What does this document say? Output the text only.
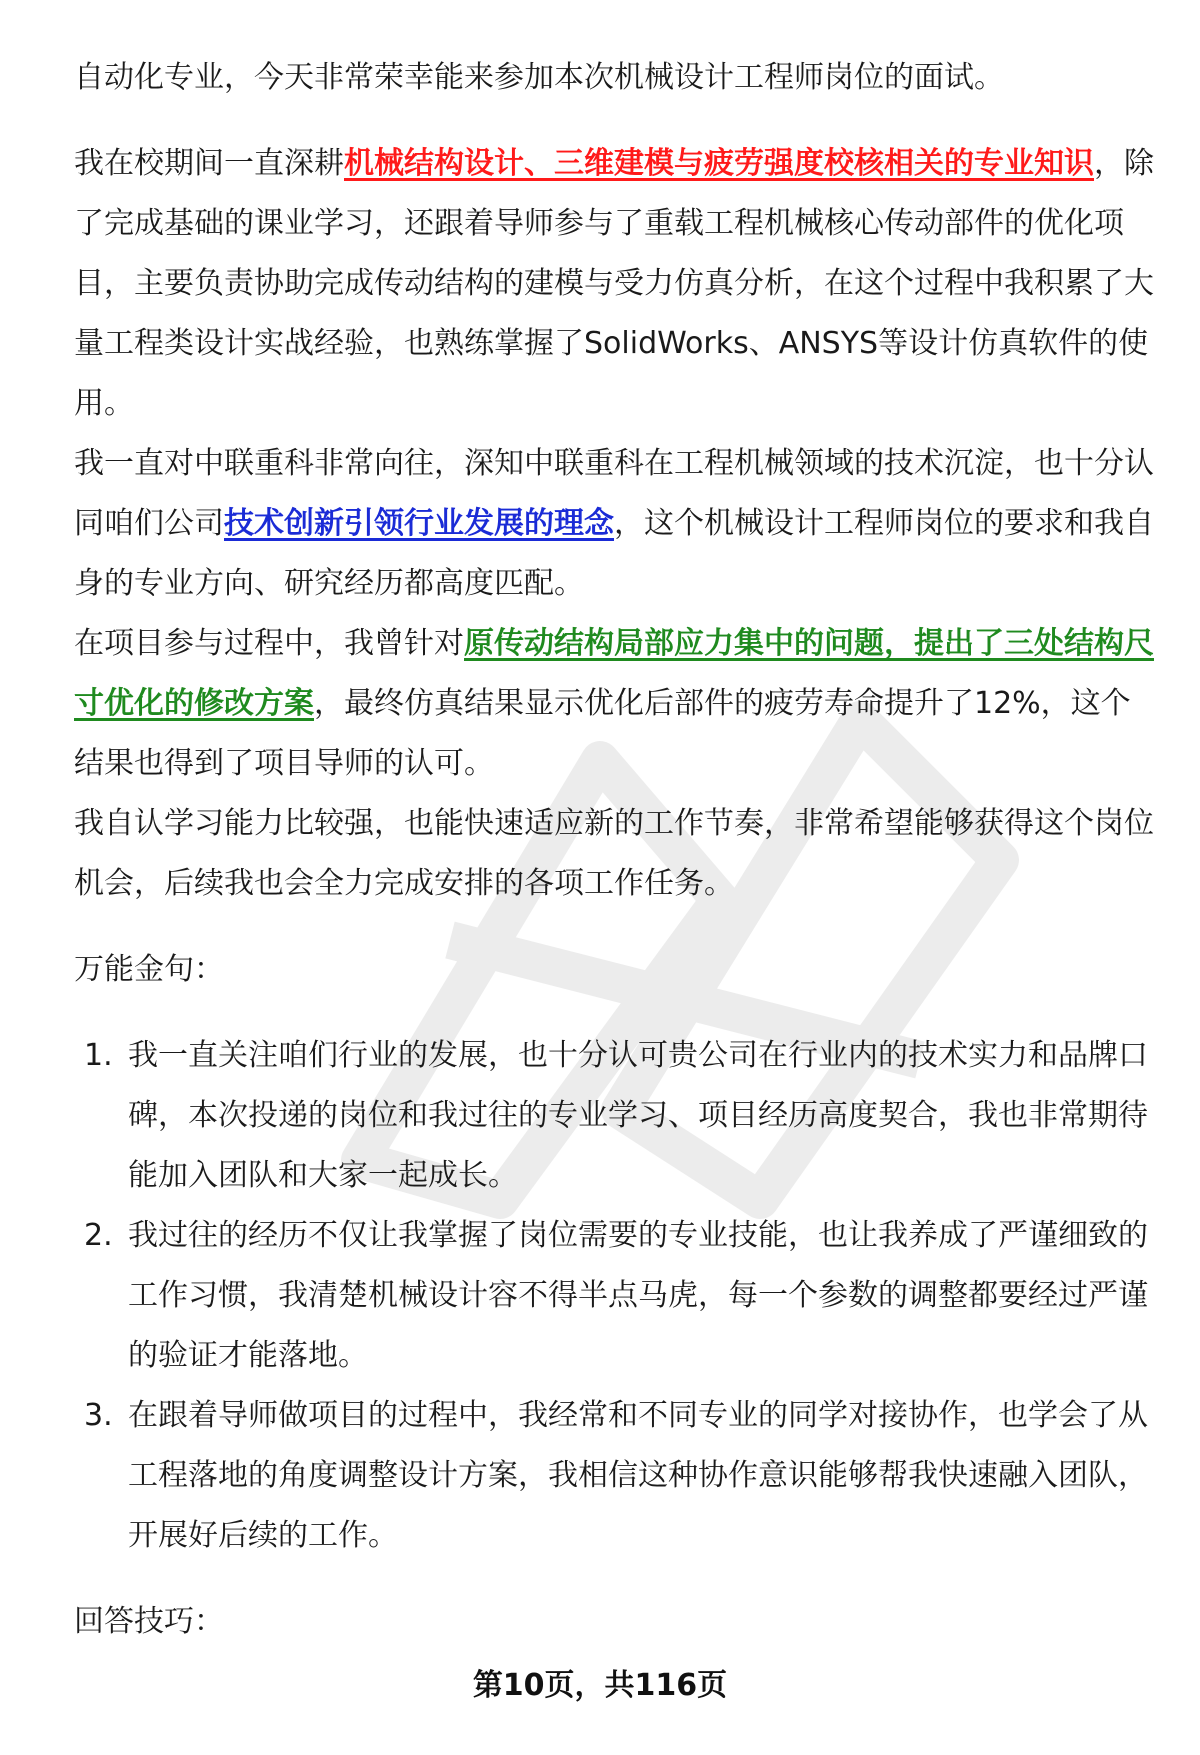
自动化专业，今天非常荣幸能来参加本次机械设计工程师岗位的面试。

我在校期间一直深耕机械结构设计、三维建模与疲劳强度校核相关的专业知识，除了完成基础的课业学习，还跟着导师参与了重载工程机械核心传动部件的优化项目，主要负责协助完成传动结构的建模与受力仿真分析，在这个过程中我积累了大量工程类设计实战经验，也熟练掌握了SolidWorks、ANSYS等设计仿真软件的使用。

我一直对中联重科非常向往，深知中联重科在工程机械领域的技术沉淀，也十分认同咱们公司技术创新引领行业发展的理念，这个机械设计工程师岗位的要求和我自身的专业方向、研究经历都高度匹配。

在项目参与过程中，我曾针对原传动结构局部应力集中的问题，提出了三处结构尺寸优化的修改方案，最终仿真结果显示优化后部件的疲劳寿命提升了12%，这个结果也得到了项目导师的认可。

我自认学习能力比较强，也能快速适应新的工作节奏，非常希望能够获得这个岗位机会，后续我也会全力完成安排的各项工作任务。

万能金句：

1. 我一直关注咱们行业的发展，也十分认可贵公司在行业内的技术实力和品牌口碑，本次投递的岗位和我过往的专业学习、项目经历高度契合，我也非常期待能加入团队和大家一起成长。
2. 我过往的经历不仅让我掌握了岗位需要的专业技能，也让我养成了严谨细致的工作习惯，我清楚机械设计容不得半点马虎，每一个参数的调整都要经过严谨的验证才能落地。
3. 在跟着导师做项目的过程中，我经常和不同专业的同学对接协作，也学会了从工程落地的角度调整设计方案，我相信这种协作意识能够帮我快速融入团队，开展好后续的工作。

回答技巧：

第10页，共116页
